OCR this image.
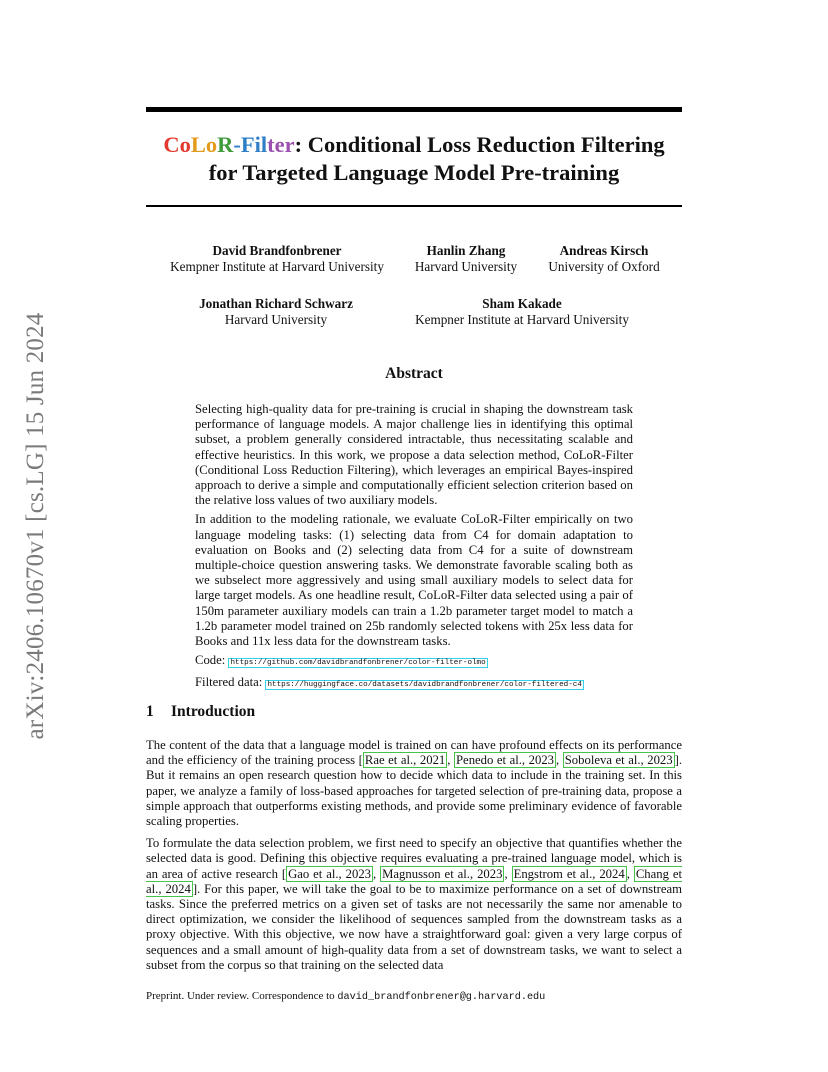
arXiv:2406.10670v1 [cs.LG] 15 Jun 2024
CoLoR-Filter: Conditional Loss Reduction Filtering
for Targeted Language Model Pre-training
David Brandfonbrener
Kempner Institute at Harvard University
Hanlin Zhang
Harvard University
Andreas Kirsch
University of Oxford
Jonathan Richard Schwarz
Harvard University
Sham Kakade
Kempner Institute at Harvard University
Abstract

Selecting high-quality data for pre-training is crucial in shaping the downstream task performance of language models. A major challenge lies in identifying this optimal subset, a problem generally considered intractable, thus necessitating scalable and effective heuristics. In this work, we propose a data selection method, CoLoR-Filter (Conditional Loss Reduction Filtering), which leverages an empirical Bayes-inspired approach to derive a simple and computationally efficient selection criterion based on the relative loss values of two auxiliary models.

In addition to the modeling rationale, we evaluate CoLoR-Filter empirically on two language modeling tasks: (1) selecting data from C4 for domain adaptation to evaluation on Books and (2) selecting data from C4 for a suite of downstream multiple-choice question answering tasks. We demonstrate favorable scaling both as we subselect more aggressively and using small auxiliary models to select data for large target models. As one headline result, CoLoR-Filter data selected using a pair of 150m parameter auxiliary models can train a 1.2b parameter target model to match a 1.2b parameter model trained on 25b randomly selected tokens with 25x less data for Books and 11x less data for the downstream tasks.

Code: https://github.com/davidbrandfonbrener/color-filter-olmo

Filtered data: https://huggingface.co/datasets/davidbrandfonbrener/color-filtered-c4

1 Introduction

The content of the data that a language model is trained on can have profound effects on its performance and the efficiency of the training process [ Rae et al., 2021 , Penedo et al., 2023 , Soboleva et al., 2023 ]. But it remains an open research question how to decide which data to include in the training set. In this paper, we analyze a family of loss-based approaches for targeted selection of pre-training data, propose a simple approach that outperforms existing methods, and provide some preliminary evidence of favorable scaling properties.

To formulate the data selection problem, we first need to specify an objective that quantifies whether the selected data is good. Defining this objective requires evaluating a pre-trained language model, which is an area of active research [ Gao et al., 2023 , Magnusson et al., 2023 , Engstrom et al., 2024 , Chang et al., 2024 ]. For this paper, we will take the goal to be to maximize performance on a set of downstream tasks. Since the preferred metrics on a given set of tasks are not necessarily the same nor amenable to direct optimization, we consider the likelihood of sequences sampled from the downstream tasks as a proxy objective. With this objective, we now have a straightforward goal: given a very large corpus of sequences and a small amount of high-quality data from a set of downstream tasks, we want to select a subset from the corpus so that training on the selected data

Preprint. Under review. Correspondence to david_brandfonbrener@g.harvard.edu
